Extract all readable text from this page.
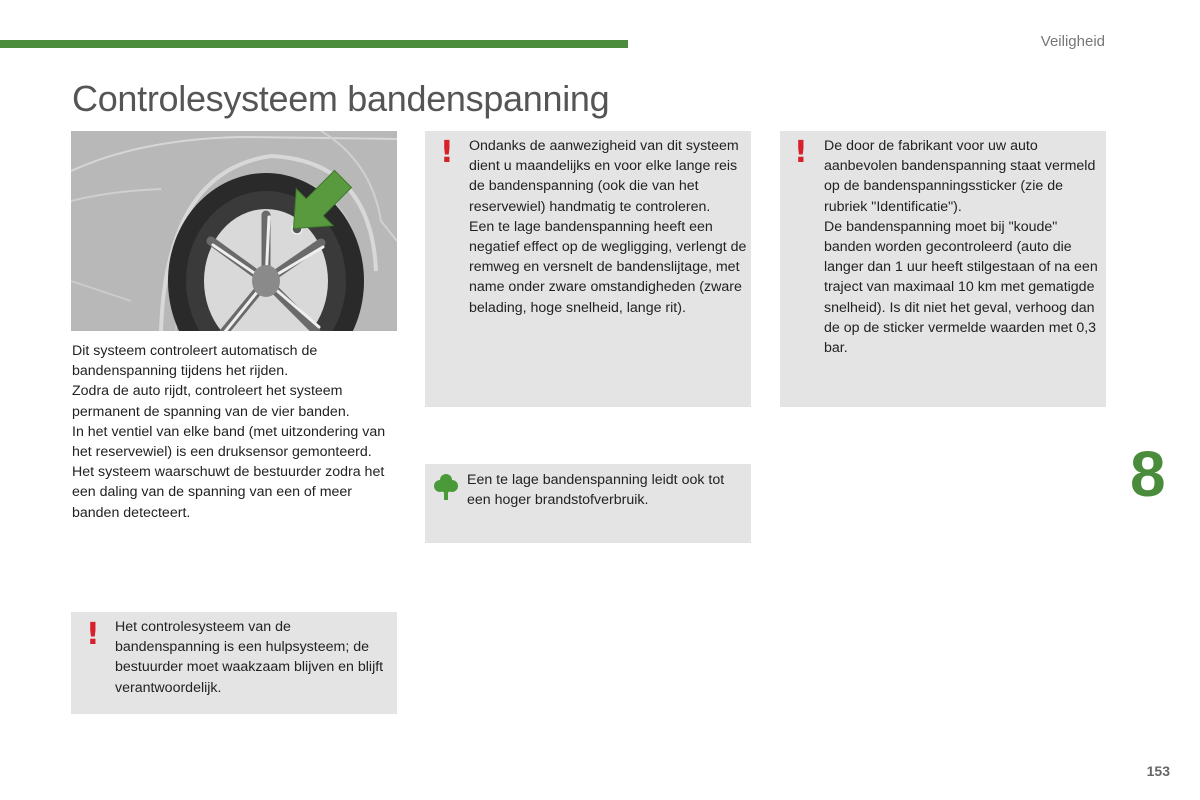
Veiligheid
Controlesysteem bandenspanning

Dit systeem controleert automatisch de bandenspanning tijdens het rijden.

Zodra de auto rijdt, controleert het systeem permanent de spanning van de vier banden.

In het ventiel van elke band (met uitzondering van het reservewiel) is een druksensor gemonteerd.

Het systeem waarschuwt de bestuurder zodra het een daling van de spanning van een of meer banden detecteert.

! Ondanks de aanwezigheid van dit systeem dient u maandelijks en voor elke lange reis de bandenspanning (ook die van het reservewiel) handmatig te controleren.

Een te lage bandenspanning heeft een negatief effect op de wegligging, verlengt de remweg en versnelt de bandenslijtage, met name onder zware omstandigheden (zware belading, hoge snelheid, lange rit).

! De door de fabrikant voor uw auto aanbevolen bandenspanning staat vermeld op de bandenspanningssticker (zie de rubriek "Identificatie").

De bandenspanning moet bij "koude" banden worden gecontroleerd (auto die langer dan 1 uur heeft stilgestaan of na een traject van maximaal 10 km met gematigde snelheid). Is dit niet het geval, verhoog dan de op de sticker vermelde waarden met 0,3 bar.

Een te lage bandenspanning leidt ook tot een hoger brandstofverbruik.

! Het controlesysteem van de bandenspanning is een hulpsysteem; de bestuurder moet waakzaam blijven en blijft verantwoordelijk.

8
153
